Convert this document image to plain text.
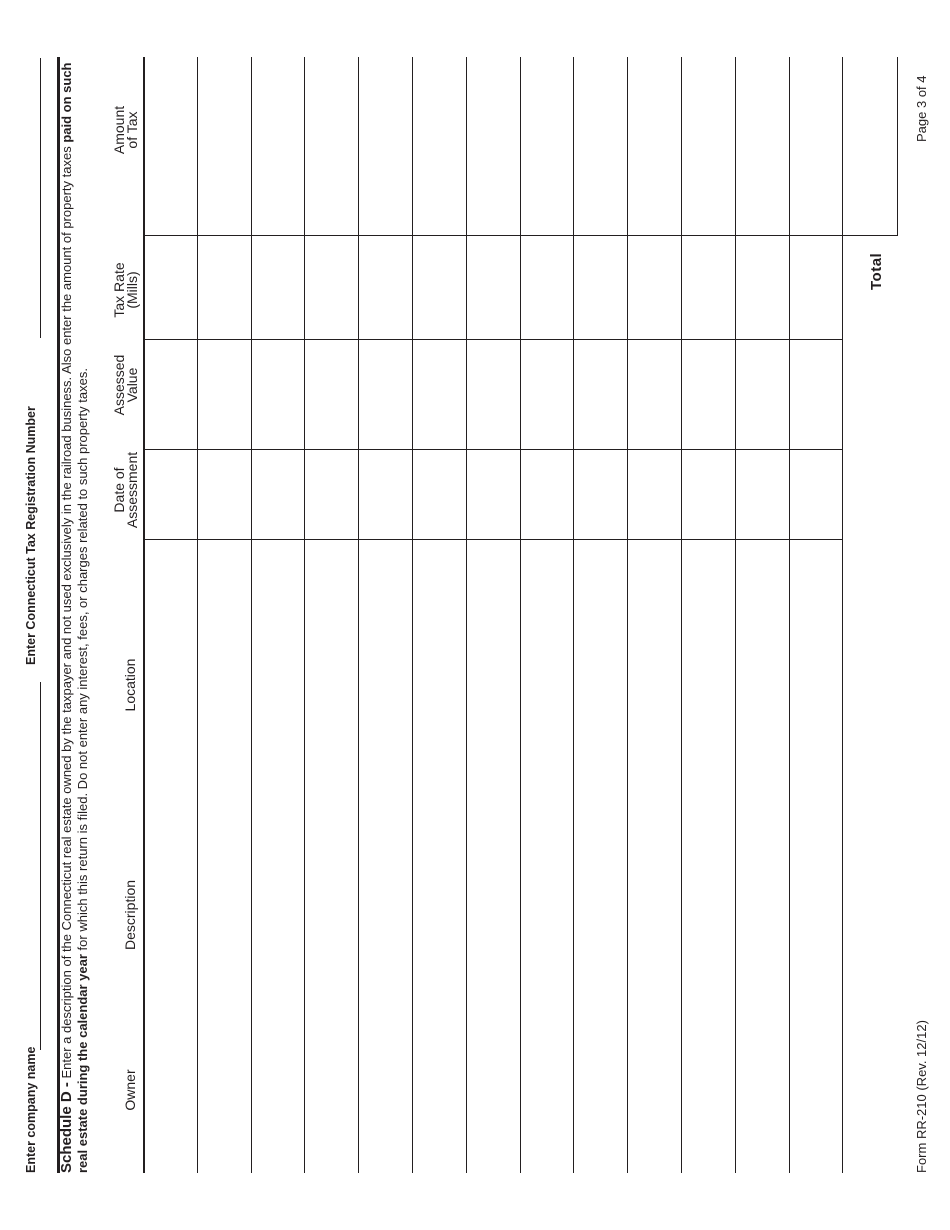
Enter company name
Enter Connecticut Tax Registration Number
Schedule D - Enter a description of the Connecticut real estate owned by the taxpayer and not used exclusively in the railroad business. Also enter the amount of property taxes paid on such real estate during the calendar year for which this return is filed. Do not enter any interest, fees, or charges related to such property taxes.
Owner
Description
Location
Date of
Assessment
Assessed
Value
Tax Rate
(Mills)
Amount
of Tax
Total
Form RR-210 (Rev. 12/12)
Page 3 of 4
